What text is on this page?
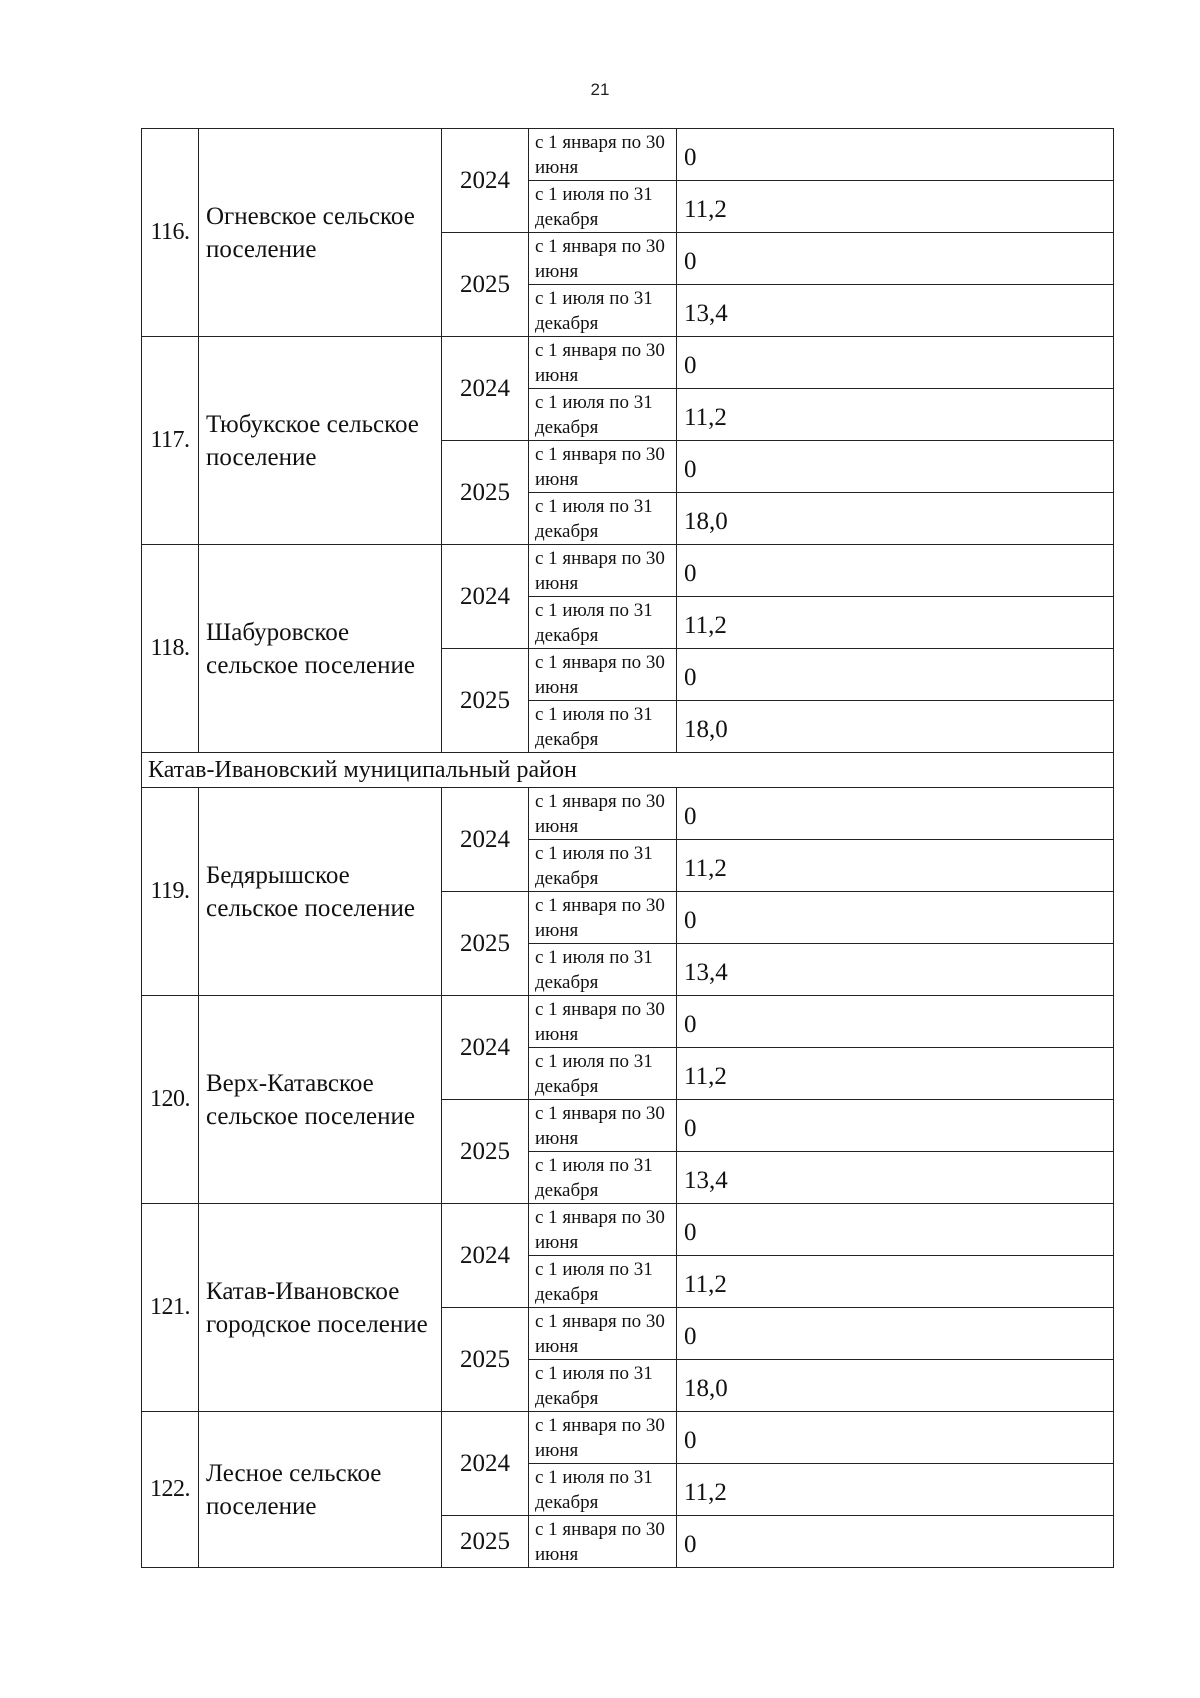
21
116.	Огневское сельское поселение	2024	с 1 января по 30 июня	0

			с 1 июля по 31 декабря	11,2
		2025	с 1 января по 30 июня	0

			с 1 июля по 31 декабря	13,4
117.	Тюбукское сельское поселение	2024	с 1 января по 30 июня	0

			с 1 июля по 31 декабря	11,2
		2025	с 1 января по 30 июня	0

			с 1 июля по 31 декабря	18,0
118.	Шабуровское сельское поселение	2024	с 1 января по 30 июня	0

			с 1 июля по 31 декабря	11,2
		2025	с 1 января по 30 июня	0

			с 1 июля по 31 декабря	18,0
Катав-Ивановский муниципальный район				
119.	Бедярышское сельское поселение	2024	с 1 января по 30 июня	0

			с 1 июля по 31 декабря	11,2
		2025	с 1 января по 30 июня	0

			с 1 июля по 31 декабря	13,4
120.	Верх-Катавское сельское поселение	2024	с 1 января по 30 июня	0

			с 1 июля по 31 декабря	11,2
		2025	с 1 января по 30 июня	0

			с 1 июля по 31 декабря	13,4
121.	Катав-Ивановское городское поселение	2024	с 1 января по 30 июня	0

			с 1 июля по 31 декабря	11,2
		2025	с 1 января по 30 июня	0

			с 1 июля по 31 декабря	18,0
122.	Лесное сельское поселение	2024	с 1 января по 30 июня	0

			с 1 июля по 31 декабря	11,2
		2025	с 1 января по 30 июня	0
